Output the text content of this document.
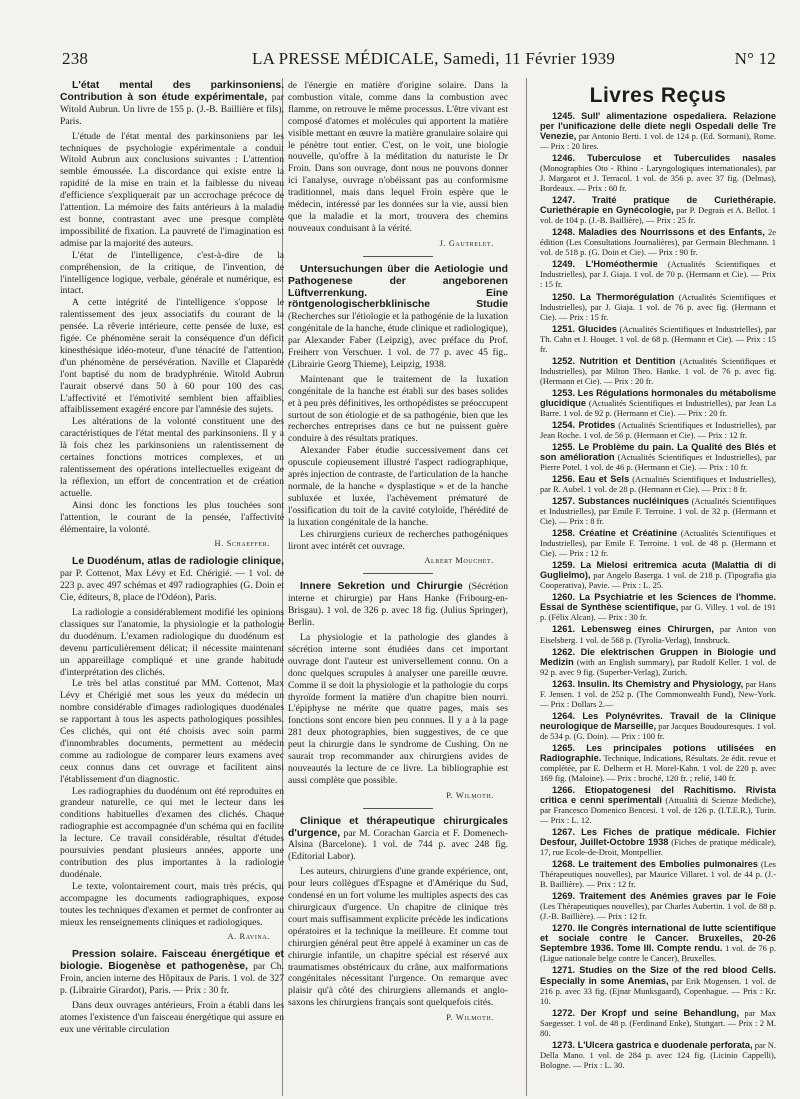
238	LA PRESSE MÉDICALE, Samedi, 11 Février 1939	N° 12

L'état mental des parkinsoniens. Contribution à son étude expérimentale, par Witold Aubrun. Un livre de 155 p. (J.-B. Baillière et fils), Paris.

L'étude de l'état mental des parkinsoniens par les techniques de psychologie expérimentale a conduit Witold Aubrun aux conclusions suivantes : L'attention semble émoussée. La discordance qui existe entre la rapidité de la mise en train et la faiblesse du niveau d'efficience s'expliquerait par un accrochage précoce de l'attention. La mémoire des faits antérieurs à la maladie est bonne, contrastant avec une presque complète impossibilité de fixation. La pauvreté de l'imagination est admise par la majorité des auteurs.

L'état de l'intelligence, c'est-à-dire de la compréhension, de la critique, de l'invention, de l'intelligence logique, verbale, générale et numérique, est intact.

A cette intégrité de l'intelligence s'oppose le ralentissement des jeux associatifs du courant de la pensée. La rêverie intérieure, cette pensée de luxe, est figée. Ce phénomène serait la conséquence d'un déficit kinesthésique idéo-moteur, d'une ténacité de l'attention, d'un phénomène de persévération. Naville et Claparède l'ont baptisé du nom de bradyphrénie. Witold Aubrun l'aurait observé dans 50 à 60 pour 100 des cas. L'affectivité et l'émotivité semblent bien affaiblies, affaiblissement exagéré encore par l'amnésie des sujets.

Les altérations de la volonté constituent une des caractéristiques de l'état mental des parkinsoniens. Il y a là fois chez les parkinsoniens un ralentissement de certaines fonctions motrices complexes, et un ralentissement des opérations intellectuelles exigeant de la réflexion, un effort de concentration et de création actuelle.

Ainsi donc les fonctions les plus touchées sont l'attention, le courant de la pensée, l'affectivité élémentaire, la volonté.

H. Schaeffer.

Le Duodénum, atlas de radiologie clinique, par P. Cottenot, Max Lévy et Ed. Chérigié. — 1 vol. de 223 p. avec 497 schémas et 497 radiographies (G. Doin et Cie, éditeurs, 8, place de l'Odéon), Paris.

La radiologie a considérablement modifié les opinions classiques sur l'anatomie, la physiologie et la pathologie du duodénum. L'examen radiologique du duodénum est devenu particulièrement délicat; il nécessite maintenant un appareillage compliqué et une grande habitude d'interprétation des clichés.

Le très bel atlas constitué par MM. Cottenot, Max Lévy et Chérigié met sous les yeux du médecin un nombre considérable d'images radiologiques duodénales se rapportant à tous les aspects pathologiques possibles. Ces clichés, qui ont été choisis avec soin parmi d'innombrables documents, permettent au médecin comme au radiologue de comparer leurs examens avec ceux connus dans cet ouvrage et facilitent ainsi l'établissement d'un diagnostic.

Les radiographies du duodénum ont été reproduites en grandeur naturelle, ce qui met le lecteur dans les conditions habituelles d'examen des clichés. Chaque radiographie est accompagnée d'un schéma qui en facilite la lecture. Ce travail considérable, résultat d'études poursuivies pendant plusieurs années, apporte une contribution des plus importantes à la radiologie duodénale.

Le texte, volontairement court, mais très précis, qui accompagne les documents radiographiques, expose toutes les techniques d'examen et permet de confronter au mieux les renseignements cliniques et radiologiques.

A. Ravina.

Pression solaire. Faisceau énergétique et biologie. Biogenèse et pathogenèse, par Ch. Froin, ancien interne des Hôpitaux de Paris. 1 vol. de 327 p. (Librairie Girardot), Paris. — Prix : 30 fr.

Dans deux ouvrages antérieurs, Froin a établi dans les atomes l'existence d'un faisceau énergétique qui assure en eux une véritable circulation

de l'énergie en matière d'origine solaire. Dans la combustion vitale, comme dans la combustion avec flamme, on retrouve le même processus. L'être vivant est composé d'atomes et molécules qui apportent la matière visible mettant en œuvre la matière granulaire solaire qui le pénètre tout entier. C'est, on le voit, une biologie nouvelle, qu'offre à la méditation du naturiste le Dr Froin. Dans son ouvrage, dont nous ne pouvons donner ici l'analyse, ouvrage n'obéissant pas au conformisme traditionnel, mais dans lequel Froin espère que le médecin, intéressé par les données sur la vie, aussi bien que la maladie et la mort, trouvera des chemins nouveaux conduisant à la vérité.

J. Gautrelet.

Untersuchungen über die Aetiologie und Pathogenese der angeborenen Lüftverrenkung. Eine röntgenologischerbklinische Studie (Recherches sur l'étiologie et la pathogénie de la luxation congénitale de la hanche, étude clinique et radiologique), par Alexander Faber (Leipzig), avec préface du Prof. Freiherr von Verschuer. 1 vol. de 77 p. avec 45 fig.. (Librairie Georg Thieme), Leipzig, 1938.

Maintenant que le traitement de la luxation congénitale de la hanche est établi sur des bases solides et à peu près définitives, les orthopédistes se préoccupent surtout de son étiologie et de sa pathogénie, bien que les recherches entreprises dans ce but ne puissent guère conduire à des résultats pratiques.

Alexander Faber étudie successivement dans cet opuscule copieusement illustré l'aspect radiographique, après injection de contraste, de l'articulation de la hanche normale, de la hanche « dysplastique » et de la hanche subluxée et luxée, l'achèvement prématuré de l'ossification du toit de la cavité cotyloïde, l'hérédité de la luxation congénitale de la hanche.

Les chirurgiens curieux de recherches pathogéniques liront avec intérêt cet ouvrage.

Albert Mouchet.

Innere Sekretion und Chirurgie (Sécrétion interne et chirurgie) par Hans Hanke (Fribourg-en-Brisgau). 1 vol. de 326 p. avec 18 fig. (Julius Springer), Berlin.

La physiologie et la pathologie des glandes à sécrétion interne sont étudiées dans cet important ouvrage dont l'auteur est universellement connu. On a donc quelques scrupules à analyser une pareille œuvre. Comme il se doit la physiologie et la pathologie du corps thyroïde forment la matière d'un chapitre bien nourri. L'épiphyse ne mérite que quatre pages, mais ses fonctions sont encore bien peu connues. Il y a à la page 281 deux photographies, bien suggestives, de ce que peut la chirurgie dans le syndrome de Cushing. On ne saurait trop recommander aux chirurgiens avides de nouveautés la lecture de ce livre. La bibliographie est aussi complète que possible.

P. Wilmoth.

Clinique et thérapeutique chirurgicales d'urgence, par M. Corachan Garcia et F. Domenech-Alsina (Barcelone). 1 vol. de 744 p. avec 248 fig. (Editorial Labor).

Les auteurs, chirurgiens d'une grande expérience, ont, pour leurs collègues d'Espagne et d'Amérique du Sud, condensé en un fort volume les multiples aspects des cas chirurgicaux d'urgence. Un chapitre de clinique très court mais suffisamment explicite précède les indications opératoires et la technique la meilleure. Et comme tout chirurgien général peut être appelé à examiner un cas de chirurgie infantile, un chapitre spécial est réservé aux traumatismes obstétricaux du crâne, aux malformations congénitales nécessitant l'urgence. On remarque avec plaisir qu'à côté des chirurgiens allemands et anglo-saxons les chirurgiens français sont quelquefois cités.

P. Wilmoth.

Livres Reçus

1245. Sull' alimentazione ospedaliera. Relazione per l'unificazione delle diete negli Ospedali delle Tre Venezie, par Antonio Berti. 1 vol. de 124 p. (Ed. Sormani), Rome. — Prix : 20 lires.

1246. Tuberculose et Tuberculides nasales (Monographies Oto - Rhino - Laryngologiques internationales), par J. Margarot et J. Terracol. 1 vol. de 356 p. avec 37 fig. (Delmas), Bordeaux. — Prix : 60 fr.

1247. Traité pratique de Curiethérapie. Curiethérapie en Gynécologie, par P. Degrais et A. Bellot. 1 vol. de 104 p. (J.-B. Baillière), — Prix : 25 fr.

1248. Maladies des Nourrissons et des Enfants, 2e édition (Les Consultations Journalières), par Germain Blechmann. 1 vol. de 518 p. (G. Doin et Cie). — Prix : 90 fr.

1249. L'Homéothermie (Actualités Scientifiques et Industrielles), par J. Giaja. 1 vol. de 70 p. (Hermann et Cie). — Prix : 15 fr.

1250. La Thermorégulation (Actualités Scientifiques et Industrielles), par J. Giaja. 1 vol. de 76 p. avec fig. (Hermann et Cie). — Prix : 15 fr.

1251. Glucides (Actualités Scientifiques et Industrielles), par Th. Cahn et J. Houget. 1 vol. de 68 p. (Hermann et Cie). — Prix : 15 fr.

1252. Nutrition et Dentition (Actualités Scientifiques et Industrielles), par Milton Theo. Hanke. 1 vol. de 76 p. avec fig. (Hermann et Cie). — Prix : 20 fr.

1253. Les Régulations hormonales du métabolisme glucidique (Actualités Scientifiques et Industrielles), par Jean La Barre. 1 vol. de 92 p. (Hermann et Cie). — Prix : 20 fr.

1254. Protides (Actualités Scientifiques et Industrielles), par Jean Roche. 1 vol. de 56 p. (Hermann et Cie). — Prix : 12 fr.

1255. Le Problème du pain. La Qualité des Blés et son amélioration (Actualités Scientifiques et Industrielles), par Pierre Potel. 1 vol. de 46 p. (Hermann et Cie). — Prix : 10 fr.

1256. Eau et Sels (Actualités Scientifiques et Industrielles), par R. Aubel. 1 vol. de 28 p. (Hermann et Cie). — Prix : 8 fr.

1257. Substances nucléiniques (Actualités Scientifiques et Industrielles), par Emile F. Terroine. 1 vol. de 32 p. (Hermann et Cie). — Prix : 8 fr.

1258. Créatine et Créatinine (Actualités Scientifiques et Industrielles), par Emile F. Terroine. 1 vol. de 48 p. (Hermann et Cie). — Prix : 12 fr.

1259. La Mielosi eritremica acuta (Malattia di di Guglielmo), par Angelo Baserga. 1 vol. de 218 p. (Tipografia gia Cooperativa), Pavie. — Prix : L. 25.

1260. La Psychiatrie et les Sciences de l'homme. Essai de Synthèse scientifique, par G. Villey. 1 vol. de 191 p. (Félix Alcan). — Prix : 30 fr.

1261. Lebensweg eines Chirurgen, par Anton von Eiselsberg. 1 vol. de 568 p. (Tyrolia-Verlag), Innsbruck.

1262. Die elektrischen Gruppen in Biologie und Medizin (with an English summary), par Rudolf Keller. 1 vol. de 92 p. avec 9 fig. (Superber-Verlag), Zurich.

1263. Insulin. Its Chemistry and Physiology, par Hans F. Jensen. 1 vol. de 252 p. (The Commonwealth Fund), New-York. — Prix : Dollars 2.—

1264. Les Polynévrites. Travail de la Clinique neurologique de Marseille, par Jacques Boudouresques. 1 vol. de 534 p. (G. Doin). — Prix : 100 fr.

1265. Les principales potions utilisées en Radiographie. Technique, Indications, Résultats. 2e édit. revue et complétée, par E. Delherm et H. Morel-Kahn. 1 vol. de 220 p. avec 169 fig. (Maloine). — Prix : broché, 120 fr. ; relié, 140 fr.

1266. Etiopatogenesi del Rachitismo. Rivista critica e cenni sperimentali (Attualità di Scienze Mediche), par Francesco Domenico Bencesi. 1 vol. de 126 p. (I.T.E.R.), Turin. — Prix : L. 12.

1267. Les Fiches de pratique médicale. Fichier Desfour, Juillet-Octobre 1938 (Fiches de pratique médicale), 17, rue Ecole-de-Droit, Montpellier.

1268. Le traitement des Embolies pulmonaires (Les Thérapeutiques nouvelles), par Maurice Villaret. 1 vol. de 44 p. (J.-B. Baillière). — Prix : 12 fr.

1269. Traitement des Anémies graves par le Foie (Les Thérapeutiques nouvelles), par Charles Aubertin. 1 vol. de 88 p. (J.-B. Baillière). — Prix : 12 fr.

1270. IIe Congrès international de lutte scientifique et sociale contre le Cancer. Bruxelles, 20-26 Septembre 1936. Tome III. Compte rendu. 1 vol. de 76 p. (Ligue nationale belge contre le Cancer), Bruxelles.

1271. Studies on the Size of the red blood Cells. Especially in some Anemias, par Erik Mogensen. 1 vol. de 216 p. avec 33 fig. (Ejnar Munksgaard), Copenhague. — Prix : Kr. 10.

1272. Der Kropf und seine Behandlung, par Max Saegesser. 1 vol. de 48 p. (Ferdinand Enke), Stuttgart. — Prix : 2 M. 80.

1273. L'Ulcera gastrica e duodenale perforata, par N. Della Mano. 1 vol. de 284 p. avec 124 fig. (Licinio Cappelli), Bologne. — Prix : L. 30.
